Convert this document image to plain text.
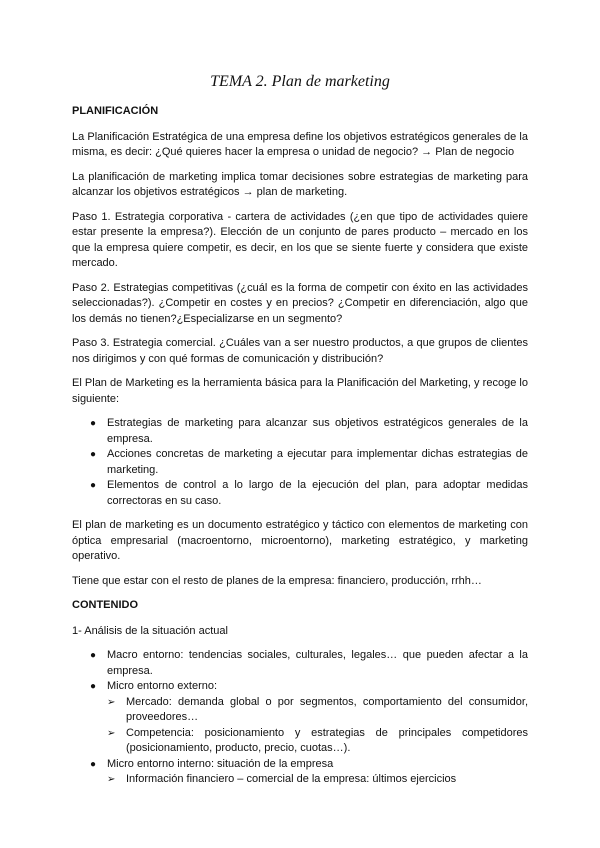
TEMA 2. Plan de marketing
PLANIFICACIÓN

La Planificación Estratégica de una empresa define los objetivos estratégicos generales de la misma, es decir: ¿Qué quieres hacer la empresa o unidad de negocio? → Plan de negocio

La planificación de marketing implica tomar decisiones sobre estrategias de marketing para alcanzar los objetivos estratégicos → plan de marketing.

Paso 1. Estrategia corporativa - cartera de actividades (¿en que tipo de actividades quiere estar presente la empresa?). Elección de un conjunto de pares producto – mercado en los que la empresa quiere competir, es decir, en los que se siente fuerte y considera que existe mercado.

Paso 2. Estrategias competitivas (¿cuál es la forma de competir con éxito en las actividades seleccionadas?). ¿Competir en costes y en precios? ¿Competir en diferenciación, algo que los demás no tienen?¿Especializarse en un segmento?

Paso 3. Estrategia comercial. ¿Cuáles van a ser nuestro productos, a que grupos de clientes nos dirigimos y con qué formas de comunicación y distribución?

El Plan de Marketing es la herramienta básica para la Planificación del Marketing, y recoge lo siguiente:

● Estrategias de marketing para alcanzar sus objetivos estratégicos generales de la empresa.
● Acciones concretas de marketing a ejecutar para implementar dichas estrategias de marketing.
● Elementos de control a lo largo de la ejecución del plan, para adoptar medidas correctoras en su caso.

El plan de marketing es un documento estratégico y táctico con elementos de marketing con óptica empresarial (macroentorno, microentorno), marketing estratégico, y marketing operativo.

Tiene que estar con el resto de planes de la empresa: financiero, producción, rrhh…

CONTENIDO

1- Análisis de la situación actual

● Macro entorno: tendencias sociales, culturales, legales… que pueden afectar a la empresa.
● Micro entorno externo:
➢ Mercado: demanda global o por segmentos, comportamiento del consumidor, proveedores…
➢ Competencia: posicionamiento y estrategias de principales competidores (posicionamiento, producto, precio, cuotas…).
● Micro entorno interno: situación de la empresa
➢ Información financiero – comercial de la empresa: últimos ejercicios
